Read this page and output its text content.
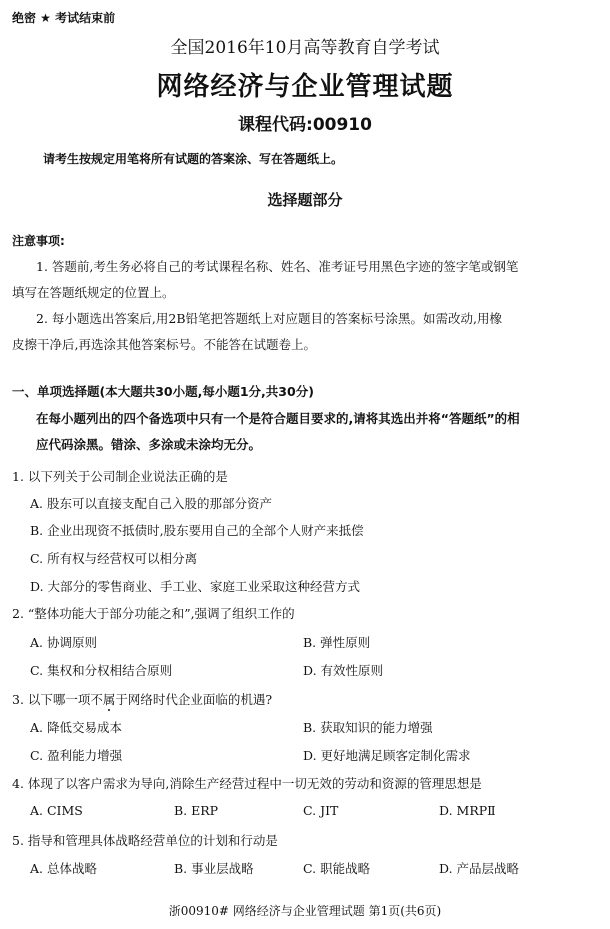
绝密 ★ 考试结束前
全国2016年10月高等教育自学考试
网络经济与企业管理试题
课程代码:00910
请考生按规定用笔将所有试题的答案涂、写在答题纸上。
选择题部分
注意事项:
1. 答题前,考生务必将自己的考试课程名称、姓名、准考证号用黑色字迹的签字笔或钢笔
填写在答题纸规定的位置上。
2. 每小题选出答案后,用2B铅笔把答题纸上对应题目的答案标号涂黑。如需改动,用橡
皮擦干净后,再选涂其他答案标号。不能答在试题卷上。
一、单项选择题(本大题共30小题,每小题1分,共30分)
在每小题列出的四个备选项中只有一个是符合题目要求的,请将其选出并将“答题纸”的相
应代码涂黑。错涂、多涂或未涂均无分。
1. 以下列关于公司制企业说法正确的是
A. 股东可以直接支配自己入股的那部分资产
B. 企业出现资不抵债时,股东要用自己的全部个人财产来抵偿
C. 所有权与经营权可以相分离
D. 大部分的零售商业、手工业、家庭工业采取这种经营方式
2. “整体功能大于部分功能之和”,强调了组织工作的
A. 协调原则	B. 弹性原则
C. 集权和分权相结合原则	D. 有效性原则
3. 以下哪一项不属于网络时代企业面临的机遇?
A. 降低交易成本	B. 获取知识的能力增强
C. 盈利能力增强	D. 更好地满足顾客定制化需求
4. 体现了以客户需求为导向,消除生产经营过程中一切无效的劳动和资源的管理思想是
A. CIMS	B. ERP	C. JIT	D. MRPⅡ
5. 指导和管理具体战略经营单位的计划和行动是
A. 总体战略	B. 事业层战略	C. 职能战略	D. 产品层战略
浙00910# 网络经济与企业管理试题 第1页(共6页)
